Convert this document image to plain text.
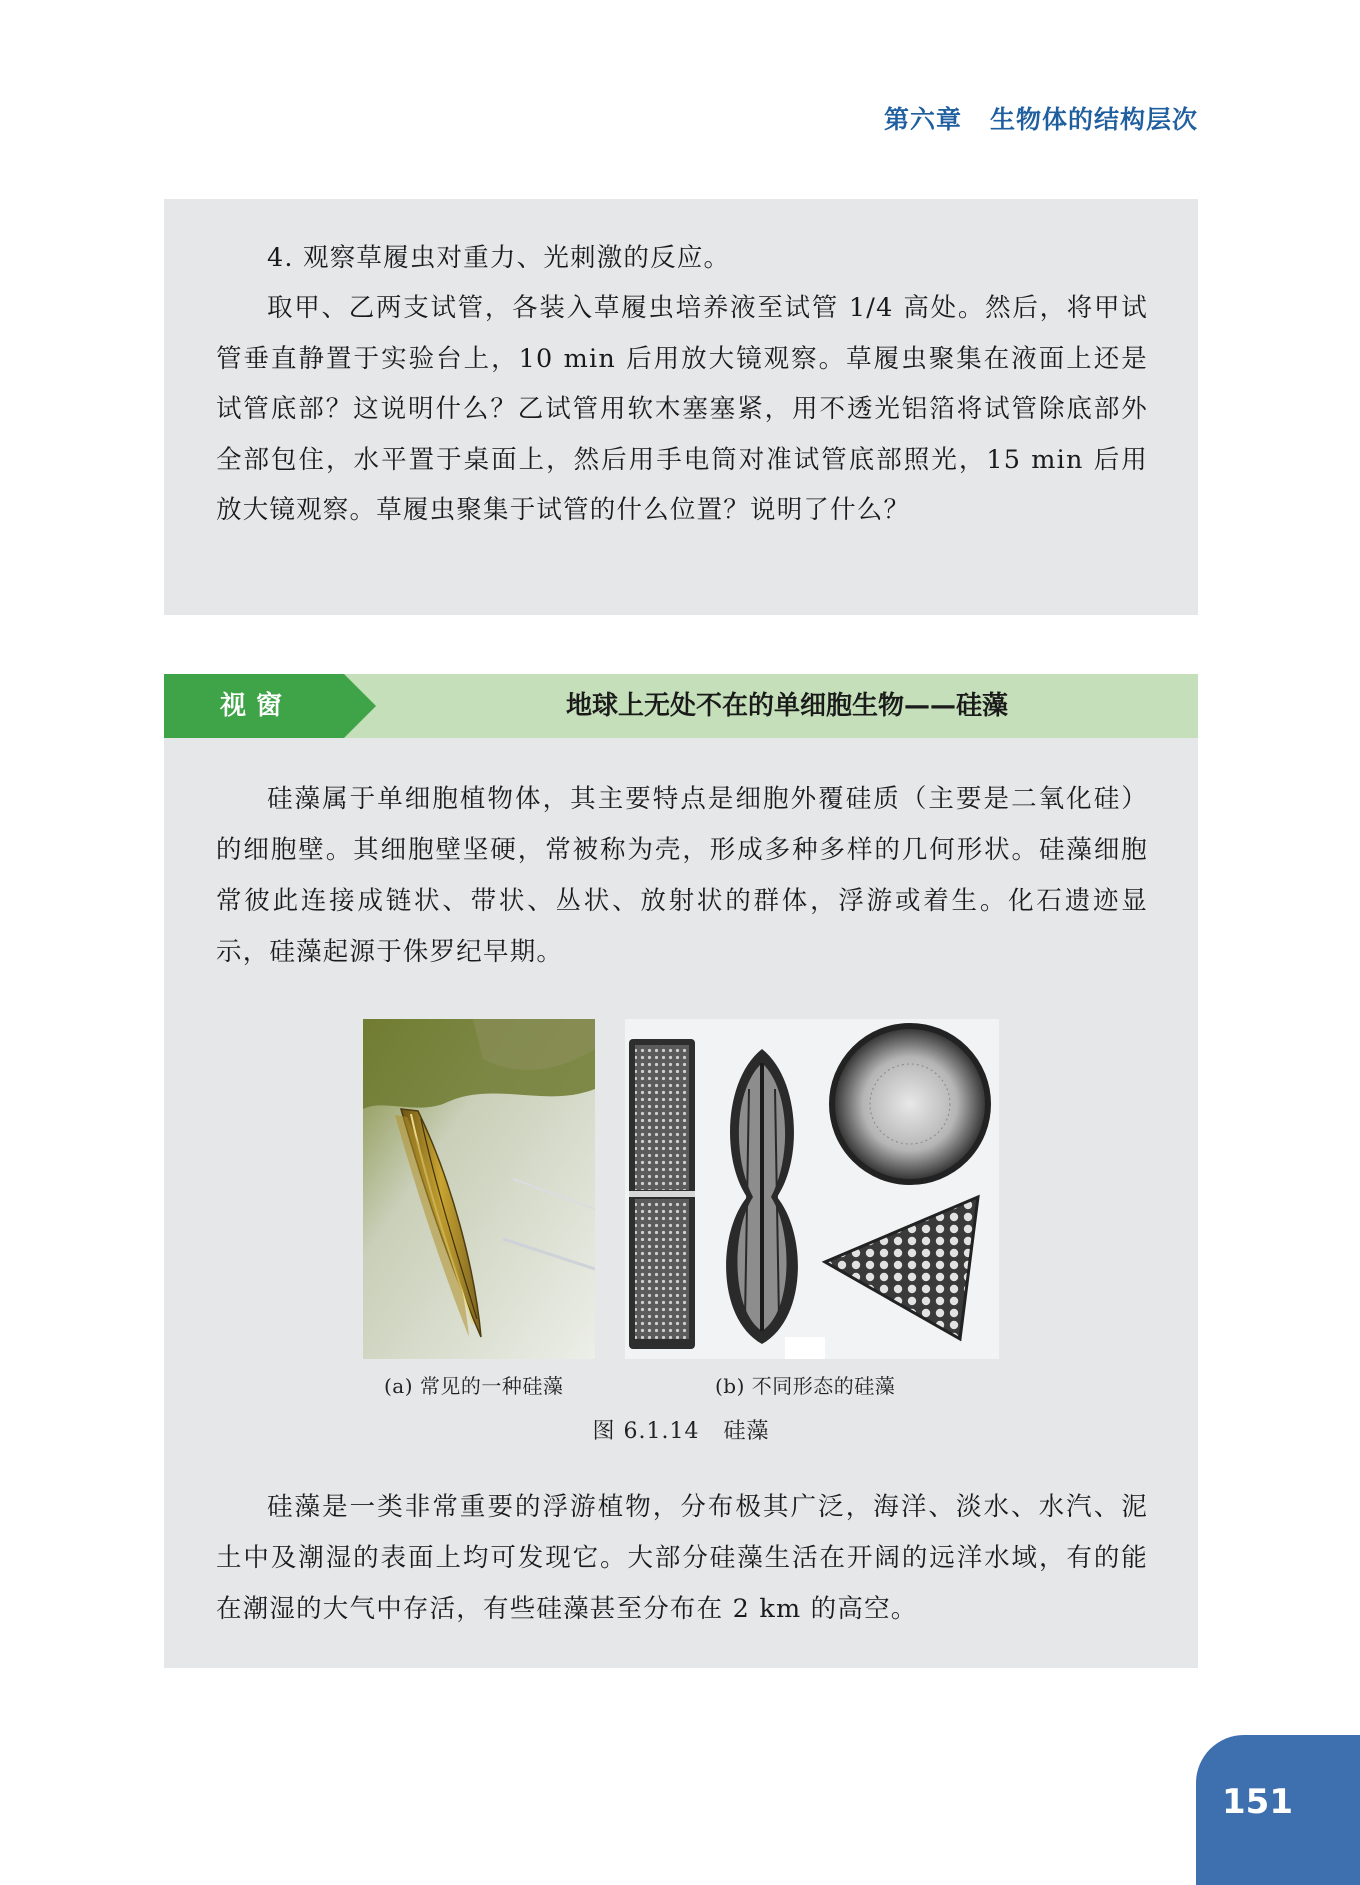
第六章 生物体的结构层次

4. 观察草履虫对重力、光刺激的反应。

取甲、乙两支试管，各装入草履虫培养液至试管 1/4 高处。然后，将甲试管垂直静置于实验台上，10 min 后用放大镜观察。草履虫聚集在液面上还是试管底部？这说明什么？乙试管用软木塞塞紧，用不透光铝箔将试管除底部外全部包住，水平置于桌面上，然后用手电筒对准试管底部照光，15 min 后用放大镜观察。草履虫聚集于试管的什么位置？说明了什么？

视窗	地球上无处不在的单细胞生物——硅藻

硅藻属于单细胞植物体，其主要特点是细胞外覆硅质（主要是二氧化硅）的细胞壁。其细胞壁坚硬，常被称为壳，形成多种多样的几何形状。硅藻细胞常彼此连接成链状、带状、丛状、放射状的群体，浮游或着生。化石遗迹显示，硅藻起源于侏罗纪早期。

(a) 常见的一种硅藻	(b) 不同形态的硅藻
图 6.1.14 硅藻

硅藻是一类非常重要的浮游植物，分布极其广泛，海洋、淡水、水汽、泥土中及潮湿的表面上均可发现它。大部分硅藻生活在开阔的远洋水域，有的能在潮湿的大气中存活，有些硅藻甚至分布在 2 km 的高空。

151
